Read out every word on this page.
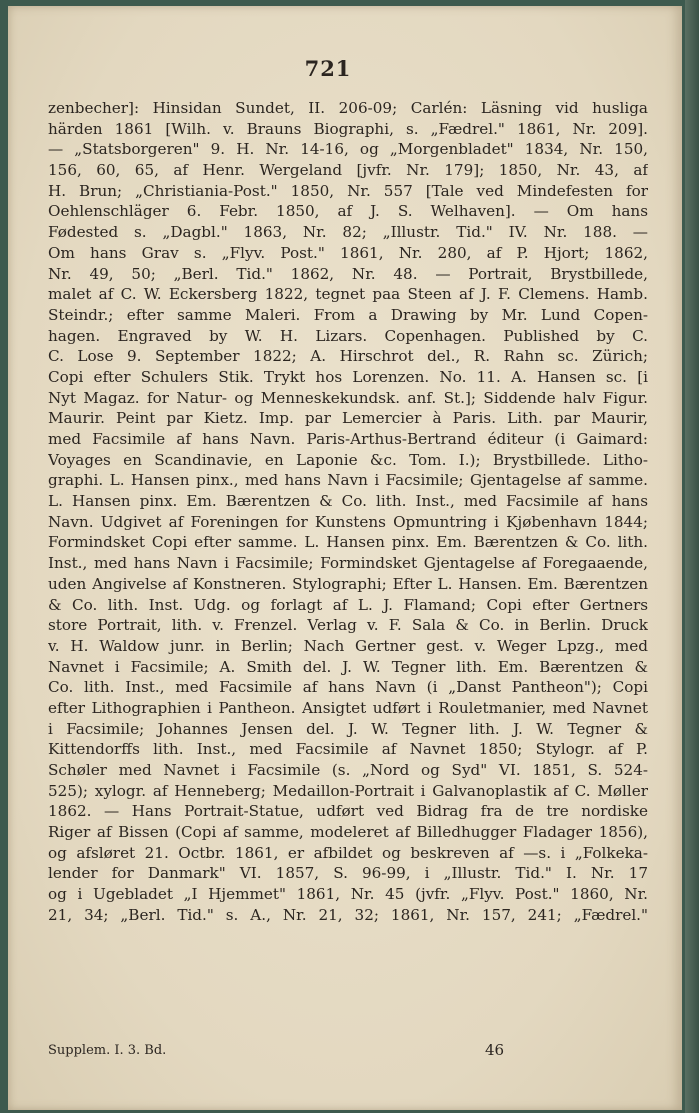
721
zenbecher]: Hinsidan Sundet, II. 206-09; Carlén: Läsning vid husliga
härden 1861 [Wilh. v. Brauns Biographi, s. „Fædrel." 1861, Nr. 209].
— „Statsborgeren" 9. H. Nr. 14-16, og „Morgenbladet" 1834, Nr. 150,
156, 60, 65, af Henr. Wergeland [jvfr. Nr. 179]; 1850, Nr. 43, af
H. Brun; „Christiania-Post." 1850, Nr. 557 [Tale ved Mindefesten for
Oehlenschläger 6. Febr. 1850, af J. S. Welhaven]. — Om hans
Fødested s. „Dagbl." 1863, Nr. 82; „Illustr. Tid." IV. Nr. 188. —
Om hans Grav s. „Flyv. Post." 1861, Nr. 280, af P. Hjort; 1862,
Nr. 49, 50; „Berl. Tid." 1862, Nr. 48. — Portrait, Brystbillede,
malet af C. W. Eckersberg 1822, tegnet paa Steen af J. F. Clemens. Hamb.
Steindr.; efter samme Maleri. From a Drawing by Mr. Lund Copen-
hagen. Engraved by W. H. Lizars. Copenhagen. Published by C.
C. Lose 9. September 1822; A. Hirschrot del., R. Rahn sc. Zürich;
Copi efter Schulers Stik. Trykt hos Lorenzen. No. 11. A. Hansen sc. [i
Nyt Magaz. for Natur- og Menneskekundsk. anf. St.]; Siddende halv Figur.
Maurir. Peint par Kietz. Imp. par Lemercier à Paris. Lith. par Maurir,
med Facsimile af hans Navn. Paris-Arthus-Bertrand éditeur (i Gaimard:
Voyages en Scandinavie, en Laponie &c. Tom. I.); Brystbillede. Litho-
graphi. L. Hansen pinx., med hans Navn i Facsimile; Gjentagelse af samme.
L. Hansen pinx. Em. Bærentzen & Co. lith. Inst., med Facsimile af hans
Navn. Udgivet af Foreningen for Kunstens Opmuntring i Kjøbenhavn 1844;
Formindsket Copi efter samme. L. Hansen pinx. Em. Bærentzen & Co. lith.
Inst., med hans Navn i Facsimile; Formindsket Gjentagelse af Foregaaende,
uden Angivelse af Konstneren. Stylographi; Efter L. Hansen. Em. Bærentzen
& Co. lith. Inst. Udg. og forlagt af L. J. Flamand; Copi efter Gertners
store Portrait, lith. v. Frenzel. Verlag v. F. Sala & Co. in Berlin. Druck
v. H. Waldow junr. in Berlin; Nach Gertner gest. v. Weger Lpzg., med
Navnet i Facsimile; A. Smith del. J. W. Tegner lith. Em. Bærentzen &
Co. lith. Inst., med Facsimile af hans Navn (i „Danst Pantheon"); Copi
efter Lithographien i Pantheon. Ansigtet udført i Rouletmanier, med Navnet
i Facsimile; Johannes Jensen del. J. W. Tegner lith. J. W. Tegner &
Kittendorffs lith. Inst., med Facsimile af Navnet 1850; Stylogr. af P.
Schøler med Navnet i Facsimile (s. „Nord og Syd" VI. 1851, S. 524-
525); xylogr. af Henneberg; Medaillon-Portrait i Galvanoplastik af C. Møller
1862. — Hans Portrait-Statue, udført ved Bidrag fra de tre nordiske
Riger af Bissen (Copi af samme, modeleret af Billedhugger Fladager 1856),
og afsløret 21. Octbr. 1861, er afbildet og beskreven af —s. i „Folkeka-
lender for Danmark" VI. 1857, S. 96-99, i „Illustr. Tid." I. Nr. 17
og i Ugebladet „I Hjemmet" 1861, Nr. 45 (jvfr. „Flyv. Post." 1860, Nr.
21, 34; „Berl. Tid." s. A., Nr. 21, 32; 1861, Nr. 157, 241; „Fædrel."
Supplem. I. 3. Bd.	46
